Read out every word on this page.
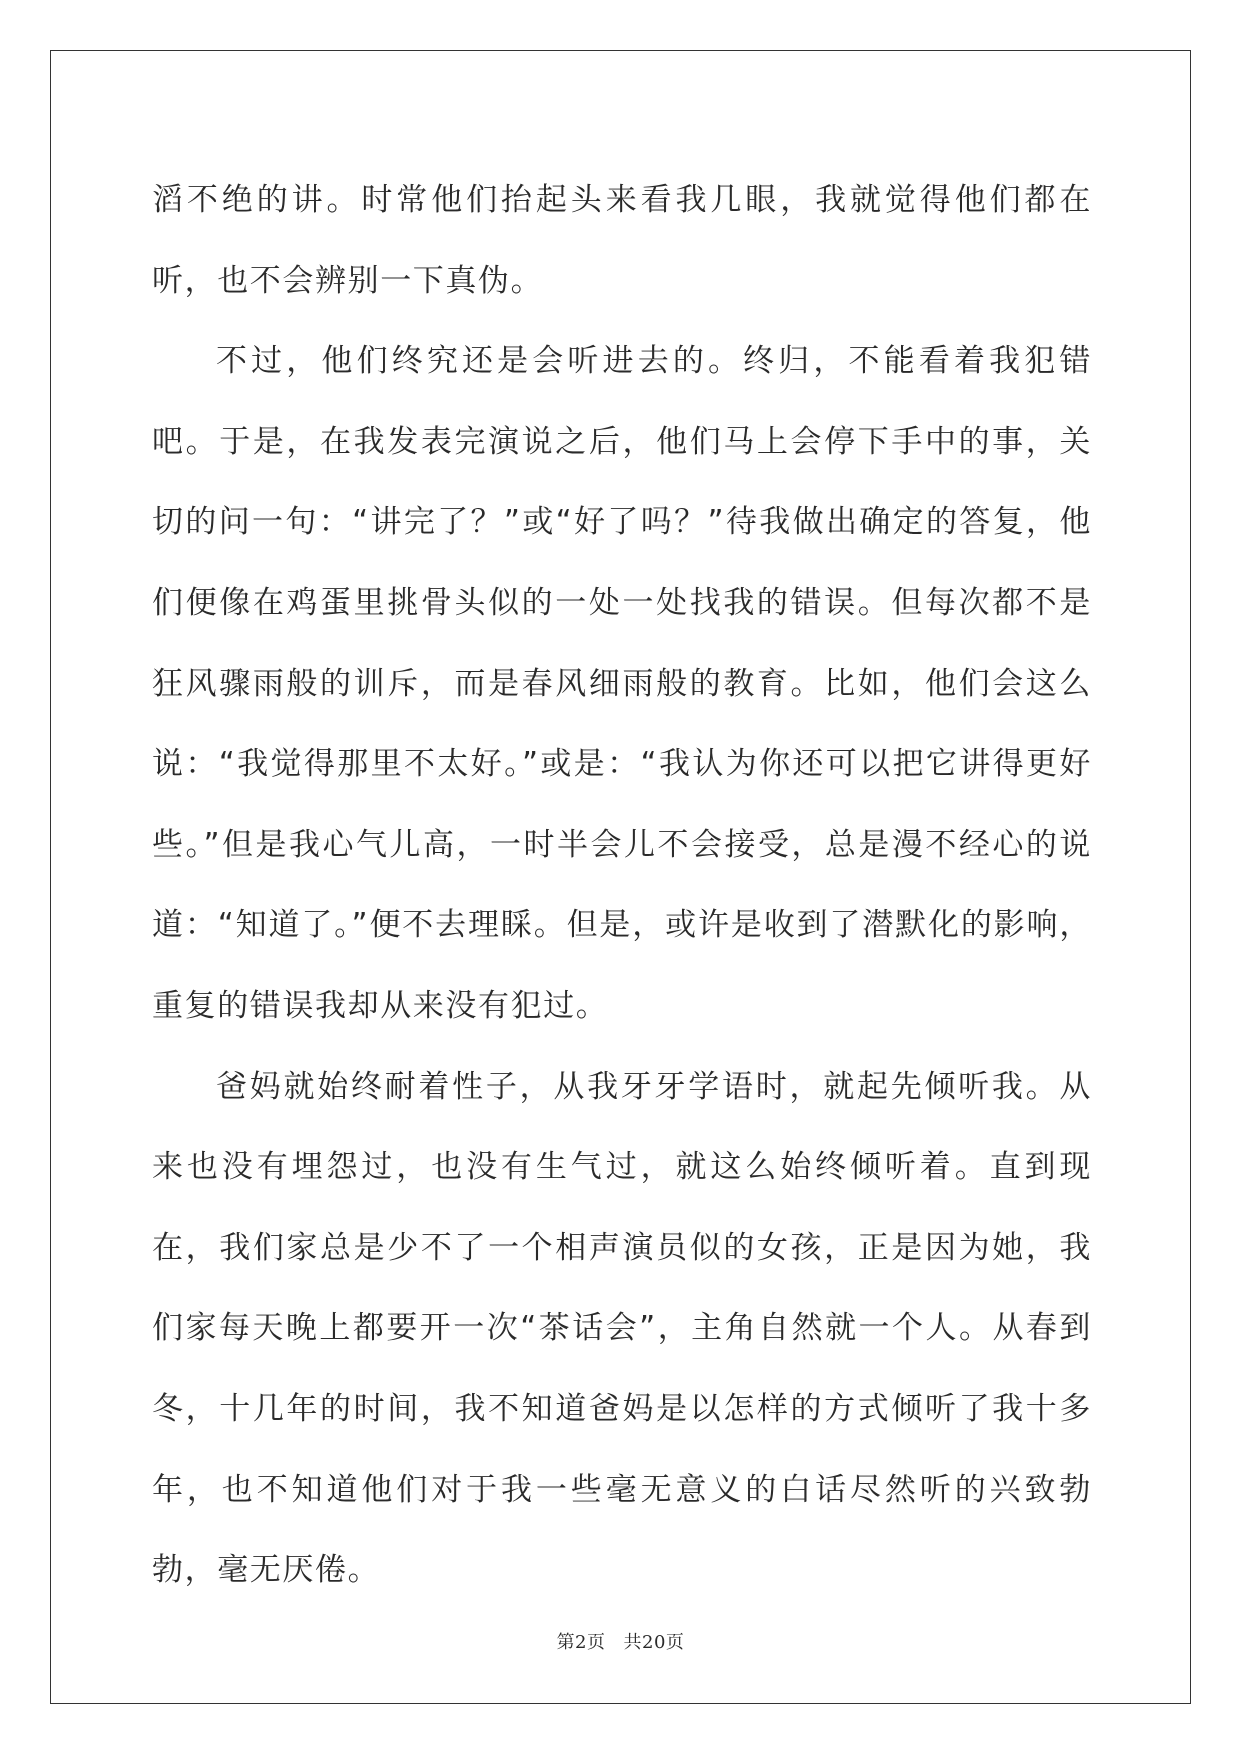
滔不绝的讲。时常他们抬起头来看我几眼，我就觉得他们都在听，也不会辨别一下真伪。

不过，他们终究还是会听进去的。终归，不能看着我犯错吧。于是，在我发表完演说之后，他们马上会停下手中的事，关切的问一句：“讲完了？”或“好了吗？”待我做出确定的答复，他们便像在鸡蛋里挑骨头似的一处一处找我的错误。但每次都不是狂风骤雨般的训斥，而是春风细雨般的教育。比如，他们会这么说：“我觉得那里不太好。”或是：“我认为你还可以把它讲得更好些。”但是我心气儿高，一时半会儿不会接受，总是漫不经心的说道：“知道了。”便不去理睬。但是，或许是收到了潜默化的影响，重复的错误我却从来没有犯过。

爸妈就始终耐着性子，从我牙牙学语时，就起先倾听我。从来也没有埋怨过，也没有生气过，就这么始终倾听着。直到现在，我们家总是少不了一个相声演员似的女孩，正是因为她，我们家每天晚上都要开一次“茶话会”，主角自然就一个人。从春到冬，十几年的时间，我不知道爸妈是以怎样的方式倾听了我十多年，也不知道他们对于我一些毫无意义的白话尽然听的兴致勃勃，毫无厌倦。

第2页 共20页
